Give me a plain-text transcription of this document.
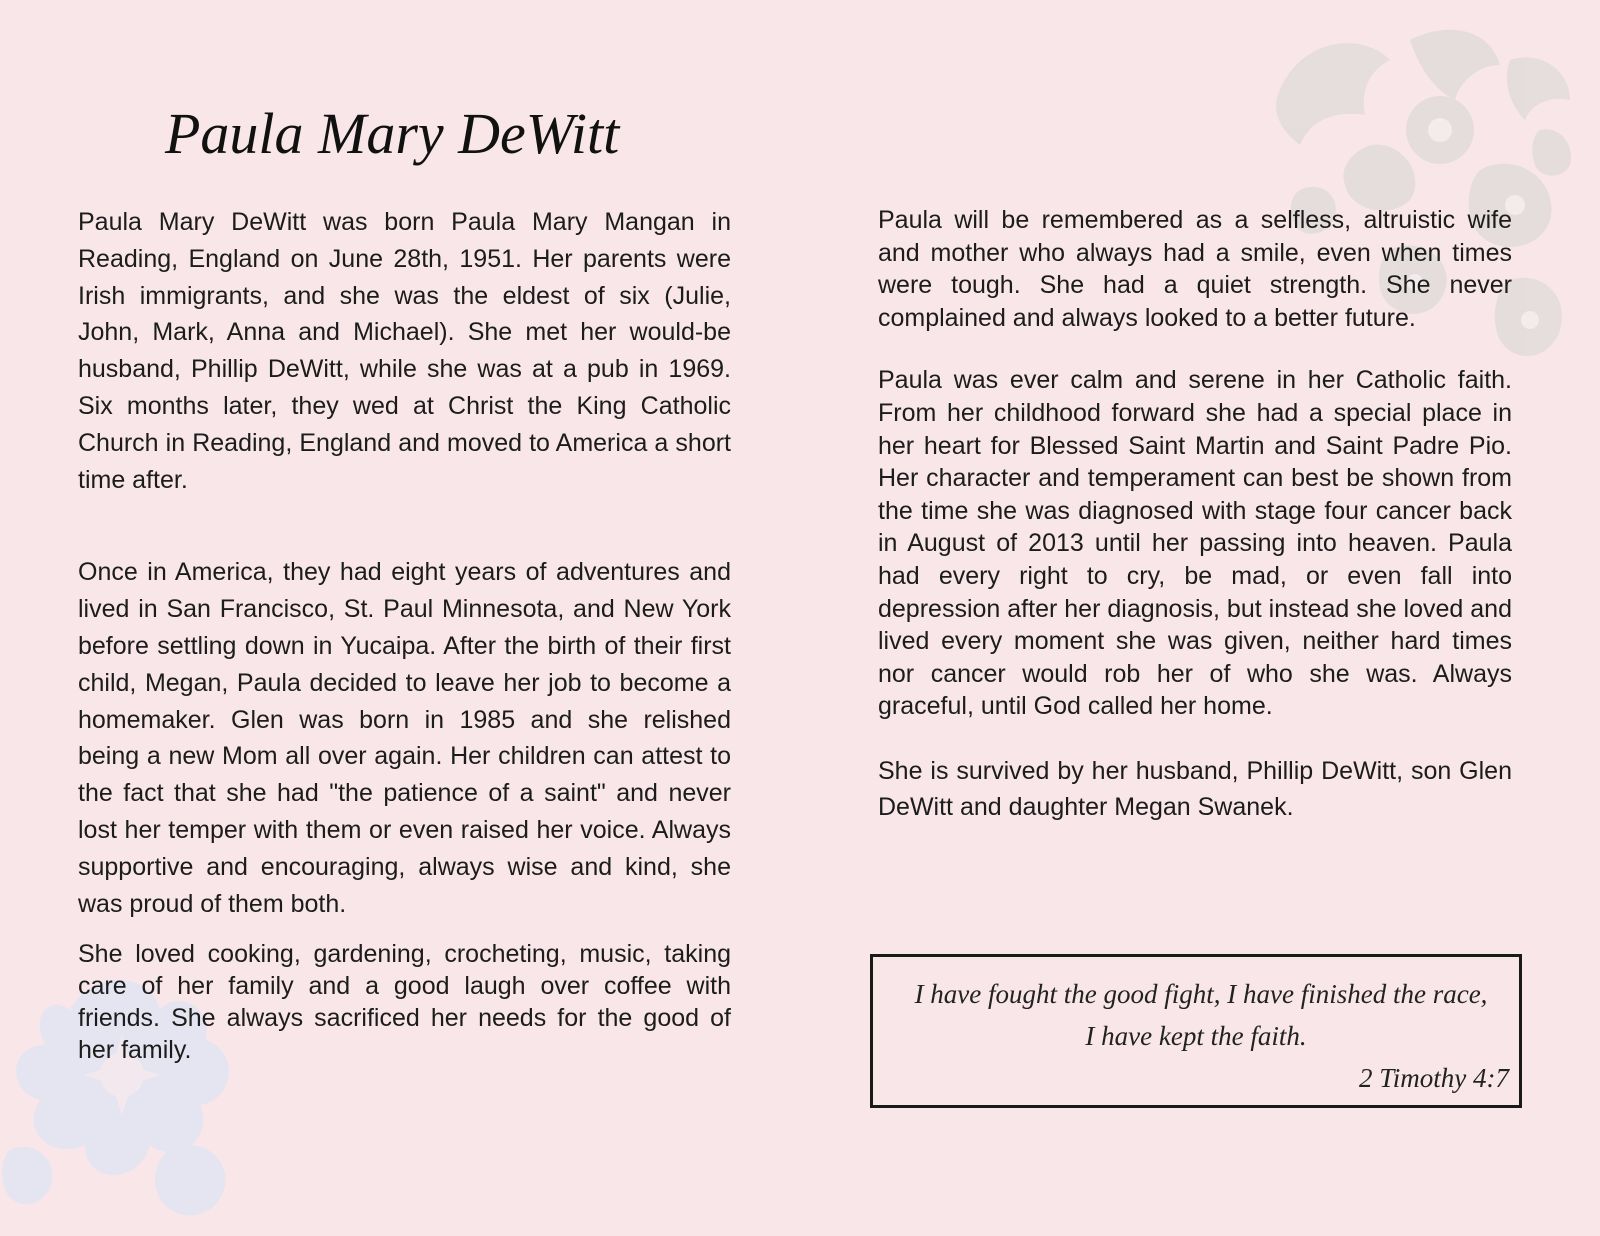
Paula Mary DeWitt

Paula Mary DeWitt was born Paula Mary Mangan in Reading, England on June 28th, 1951. Her parents were Irish immigrants, and she was the eldest of six (Julie, John, Mark, Anna and Michael). She met her would-be husband, Phillip DeWitt, while she was at a pub in 1969. Six months later, they wed at Christ the King Catholic Church in Reading, England and moved to America a short time after.

Once in America, they had eight years of adventures and lived in San Francisco, St. Paul Minnesota, and New York before settling down in Yucaipa. After the birth of their first child, Megan, Paula decided to leave her job to become a homemaker. Glen was born in 1985 and she relished being a new Mom all over again. Her children can attest to the fact that she had "the patience of a saint" and never lost her temper with them or even raised her voice. Always supportive and encouraging, always wise and kind, she was proud of them both.

She loved cooking, gardening, crocheting, music, taking care of her family and a good laugh over coffee with friends. She always sacrificed her needs for the good of her family.

Paula will be remembered as a selfless, altruistic wife and mother who always had a smile, even when times were tough. She had a quiet strength. She never complained and always looked to a better future.

Paula was ever calm and serene in her Catholic faith. From her childhood forward she had a special place in her heart for Blessed Saint Martin and Saint Padre Pio. Her character and temperament can best be shown from the time she was diagnosed with stage four cancer back in August of 2013 until her passing into heaven. Paula had every right to cry, be mad, or even fall into depression after her diagnosis, but instead she loved and lived every moment she was given, neither hard times nor cancer would rob her of who she was. Always graceful, until God called her home.

She is survived by her husband, Phillip DeWitt, son Glen DeWitt and daughter Megan Swanek.

I have fought the good fight, I have finished the race,
I have kept the faith.
2 Timothy 4:7
